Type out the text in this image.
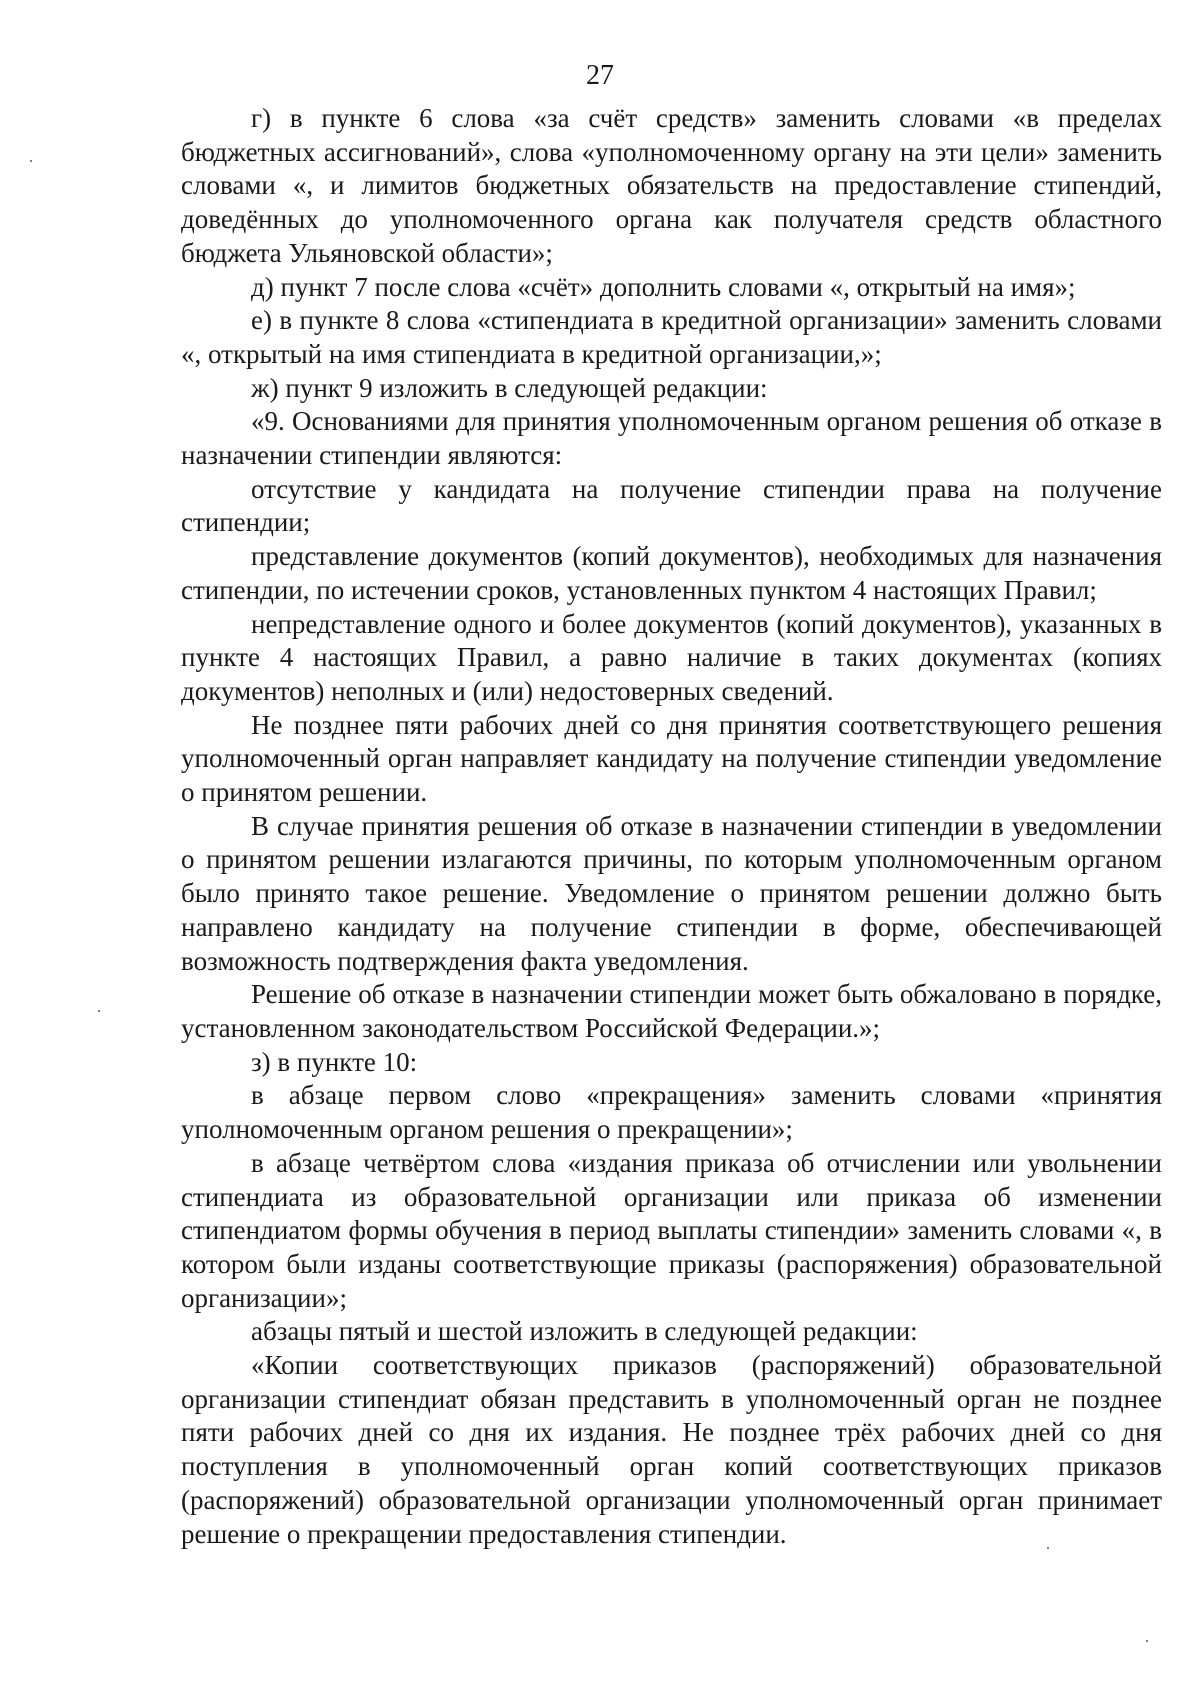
27

г) в пункте 6 слова «за счёт средств» заменить словами «в пределах бюджетных ассигнований», слова «уполномоченному органу на эти цели» заменить словами «, и лимитов бюджетных обязательств на предоставление стипендий, доведённых до уполномоченного органа как получателя средств областного бюджета Ульяновской области»;

д) пункт 7 после слова «счёт» дополнить словами «, открытый на имя»;

е) в пункте 8 слова «стипендиата в кредитной организации» заменить словами «, открытый на имя стипендиата в кредитной организации,»;

ж) пункт 9 изложить в следующей редакции:

«9. Основаниями для принятия уполномоченным органом решения об отказе в назначении стипендии являются:

отсутствие у кандидата на получение стипендии права на получение стипендии;

представление документов (копий документов), необходимых для назначения стипендии, по истечении сроков, установленных пунктом 4 настоящих Правил;

непредставление одного и более документов (копий документов), указанных в пункте 4 настоящих Правил, а равно наличие в таких документах (копиях документов) неполных и (или) недостоверных сведений.

Не позднее пяти рабочих дней со дня принятия соответствующего решения уполномоченный орган направляет кандидату на получение стипендии уведомление о принятом решении.

В случае принятия решения об отказе в назначении стипендии в уведомлении о принятом решении излагаются причины, по которым уполномоченным органом было принято такое решение. Уведомление о принятом решении должно быть направлено кандидату на получение стипендии в форме, обеспечивающей возможность подтверждения факта уведомления.

Решение об отказе в назначении стипендии может быть обжаловано в порядке, установленном законодательством Российской Федерации.»;

з) в пункте 10:

в абзаце первом слово «прекращения» заменить словами «принятия уполномоченным органом решения о прекращении»;

в абзаце четвёртом слова «издания приказа об отчислении или увольнении стипендиата из образовательной организации или приказа об изменении стипендиатом формы обучения в период выплаты стипендии» заменить словами «, в котором были изданы соответствующие приказы (распоряжения) образовательной организации»;

абзацы пятый и шестой изложить в следующей редакции:

«Копии соответствующих приказов (распоряжений) образовательной организации стипендиат обязан представить в уполномоченный орган не позднее пяти рабочих дней со дня их издания. Не позднее трёх рабочих дней со дня поступления в уполномоченный орган копий соответствующих приказов (распоряжений) образовательной организации уполномоченный орган принимает решение о прекращении предоставления стипендии.
